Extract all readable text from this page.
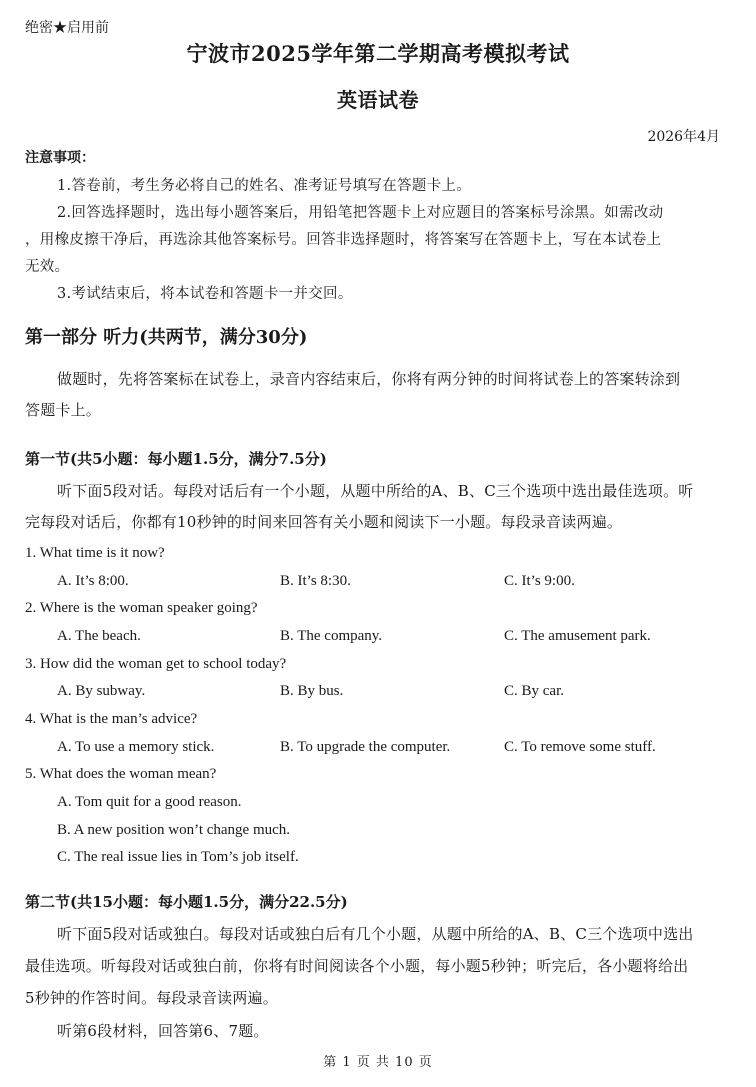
绝密★启用前
宁波市2025学年第二学期高考模拟考试
英语试卷
2026年4月
注意事项：
1.答卷前，考生务必将自己的姓名、准考证号填写在答题卡上。
2.回答选择题时，选出每小题答案后，用铅笔把答题卡上对应题目的答案标号涂黑。如需改动
，用橡皮擦干净后，再选涂其他答案标号。回答非选择题时，将答案写在答题卡上，写在本试卷上
无效。
3.考试结束后，将本试卷和答题卡一并交回。
第一部分 听力(共两节，满分30分)
做题时，先将答案标在试卷上，录音内容结束后，你将有两分钟的时间将试卷上的答案转涂到
答题卡上。
第一节(共5小题：每小题1.5分，满分7.5分)
听下面5段对话。每段对话后有一个小题，从题中所给的A、B、C三个选项中选出最佳选项。听
完每段对话后，你都有10秒钟的时间来回答有关小题和阅读下一小题。每段录音读两遍。
1. What time is it now?
A. It’s 8:00.	B. It’s 8:30.	C. It’s 9:00.
2. Where is the woman speaker going?
A. The beach.	B. The company.	C. The amusement park.
3. How did the woman get to school today?
A. By subway.	B. By bus.	C. By car.
4. What is the man’s advice?
A. To use a memory stick.	B. To upgrade the computer.	C. To remove some stuff.
5. What does the woman mean?
A. Tom quit for a good reason.
B. A new position won’t change much.
C. The real issue lies in Tom’s job itself.
第二节(共15小题：每小题1.5分，满分22.5分)
听下面5段对话或独白。每段对话或独白后有几个小题，从题中所给的A、B、C三个选项中选出
最佳选项。听每段对话或独白前，你将有时间阅读各个小题，每小题5秒钟；听完后，各小题将给出
5秒钟的作答时间。每段录音读两遍。
听第6段材料，回答第6、7题。
第 1 页 共 10 页
